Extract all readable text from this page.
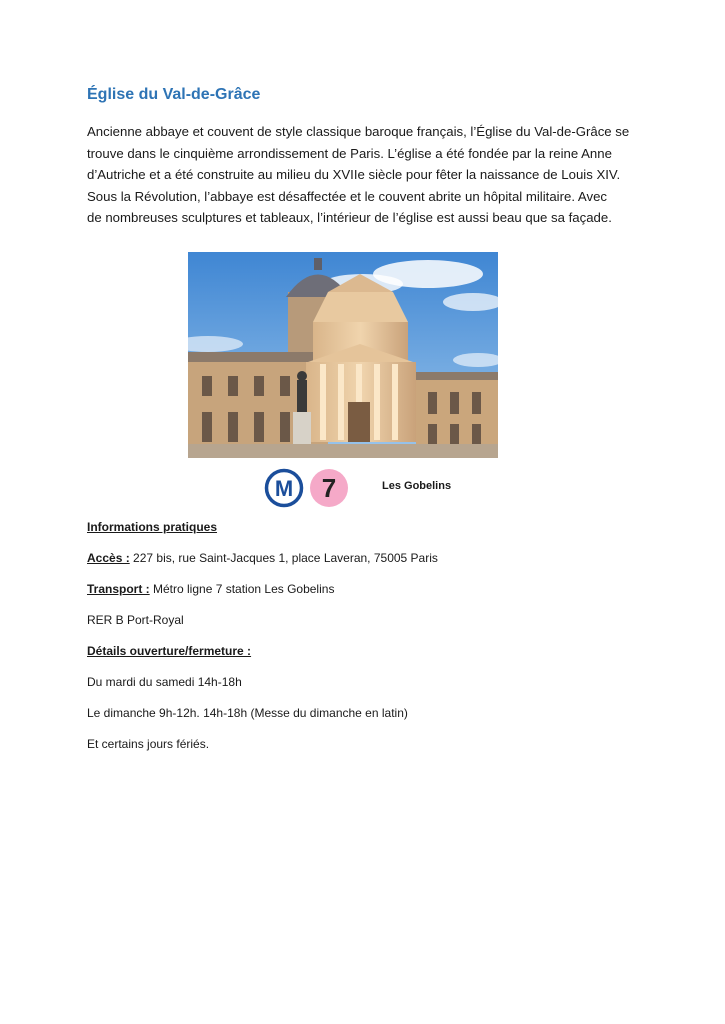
Église du Val-de-Grâce

Ancienne abbaye et couvent de style classique baroque français, l’Église du Val-de-Grâce se
trouve dans le cinquième arrondissement de Paris. L’église a été fondée par la reine Anne
d’Autriche et a été construite au milieu du XVIIe siècle pour fêter la naissance de Louis XIV.
Sous la Révolution, l’abbaye est désaffectée et le couvent abrite un hôpital militaire. Avec
de nombreuses sculptures et tableaux, l’intérieur de l’église est aussi beau que sa façade.

M 7	Les Gobelins

Informations pratiques

Accès : 227 bis, rue Saint-Jacques 1, place Laveran, 75005 Paris

Transport : Métro ligne 7 station Les Gobelins

RER B Port-Royal

Détails ouverture/fermeture :

Du mardi du samedi 14h-18h

Le dimanche 9h-12h. 14h-18h (Messe du dimanche en latin)

Et certains jours fériés.
